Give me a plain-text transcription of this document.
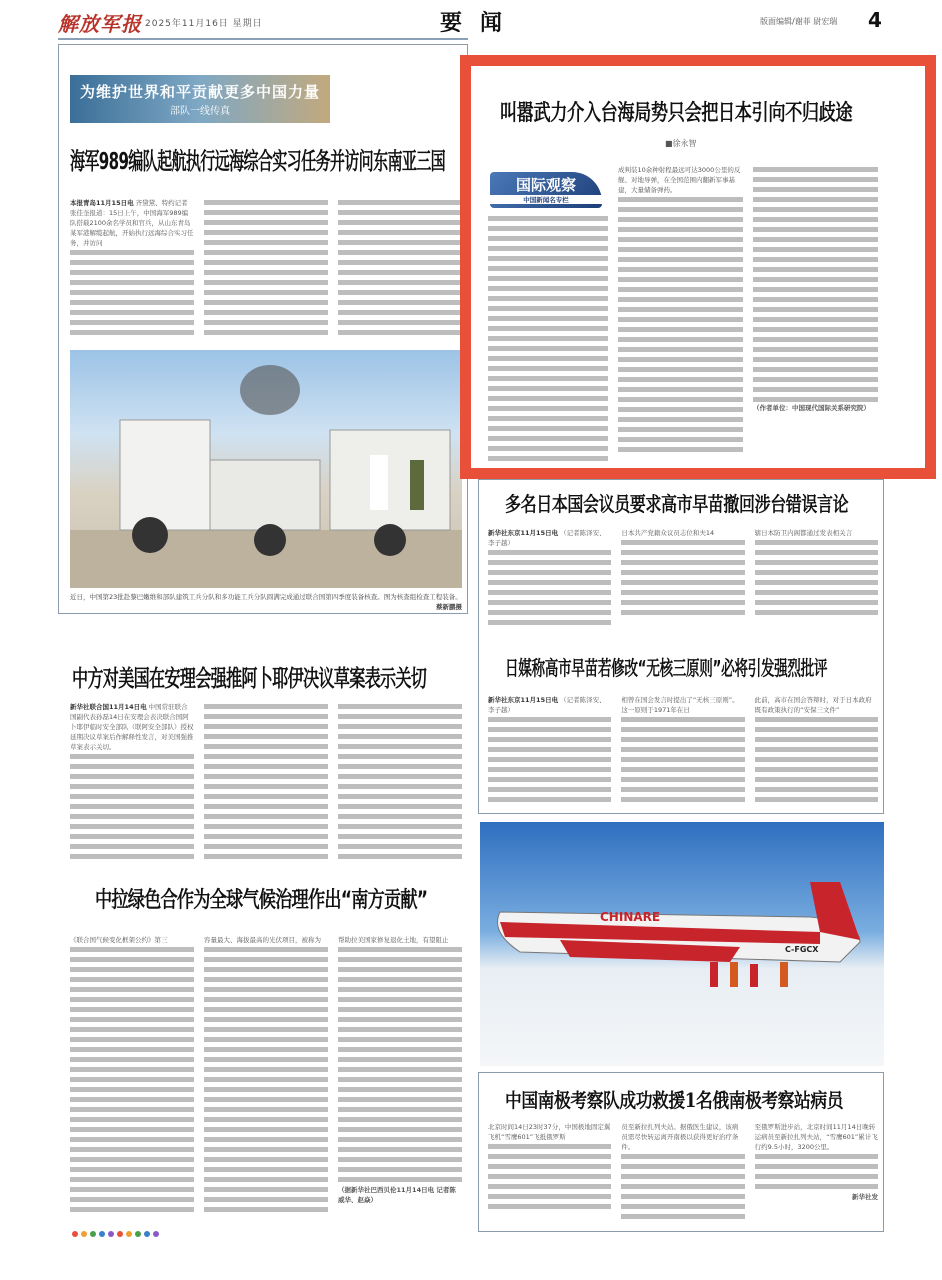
解放军报 2025年11月16日 星期日	要闻	版面编辑/谢菲 尉宏瑞 4
为维护世界和平贡献更多中国力量
部队一线传真
海军989编队起航执行远海综合实习任务并访问东南亚三国
本报青岛11月15日电 齐黛黛、特约记者张佳奎报道：15日上午，中国海军989编队搭载2100余名学员和官兵，从山东青岛某军港解缆起航，开始执行远海综合实习任务，并访问
近日，中国第23批赴黎巴嫩维和部队建筑工兵分队和多功能工兵分队圆满完成通过联合国第四季度装备核查。图为核查组检查工程装备。
蔡新鹏摄
中方对美国在安理会强推阿卜耶伊决议草案表示关切
新华社联合国11月14日电 中国常驻联合国副代表孙磊14日在安理会表决联合国阿卜耶伊临时安全部队（联阿安全部队）授权延期决议草案后作解释性发言，对美国强推草案表示关切。
中拉绿色合作为全球气候治理作出“南方贡献”
《联合国气候变化框架公约》第三	容量最大、海拔最高的光伏项目，被称为	帮助拉美国家修复退化土地，有望阻止
（据新华社巴西贝伦11月14日电 记者陈威华、赵焱）
叫嚣武力介入台海局势只会把日本引向不归歧途
■徐永智
国际观察
中国新闻名专栏
成判装10余种射程最远可达3000公里的反舰、对地导弹，在全国范围内翻新军事基建，大量储备弹药。
（作者单位：中国现代国际关系研究院）
多名日本国会议员要求高市早苗撤回涉台错误言论
新华社东京11月15日电 （记者陈泽安、李子越）
日本共产党籍众议员志位和夫14	辖日本防卫内阁都通过发表相关言
日媒称高市早苗若修改“无核三原则”必将引发强烈批评
新华社东京11月15日电 （记者陈泽安、李子越）
相曾在国会发言时提出了“无核三原则”。这一原则于1971年在日
此前，高市在国会答辩时，对于日本政府既有政策执行的“安保三文件”
CHINARE
C-FGCX
中国南极考察队成功救援1名俄南极考察站病员
北京时间14日23时37分，中国极地固定翼飞机“雪鹰601”飞抵俄罗斯
员至新拉扎列夫站。据俄医生建议，该病员需尽快转运离开南极以获得更好治疗条件。
至俄罗斯进步站，北京时间11月14日晚转运病员至新拉扎列夫站，“雪鹰601”累计飞行约9.5小时，3200公里。
新华社发
